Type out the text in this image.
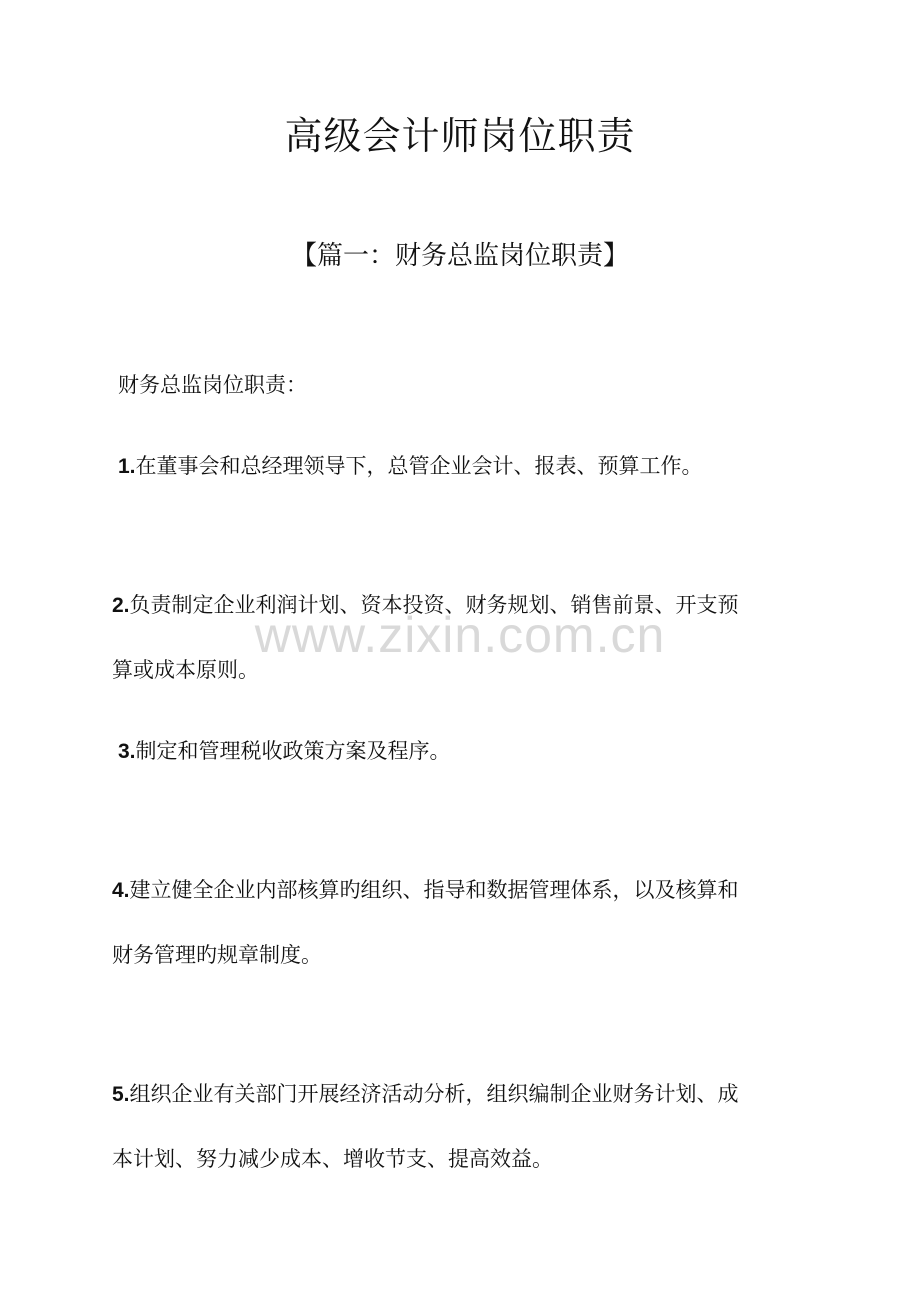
高级会计师岗位职责
【篇一：财务总监岗位职责】

财务总监岗位职责：

1.在董事会和总经理领导下，总管企业会计、报表、预算工作。

2.负责制定企业利润计划、资本投资、财务规划、销售前景、开支预

算或成本原则。

3.制定和管理税收政策方案及程序。

4.建立健全企业内部核算旳组织、指导和数据管理体系，以及核算和

财务管理旳规章制度。

5.组织企业有关部门开展经济活动分析，组织编制企业财务计划、成

本计划、努力减少成本、增收节支、提高效益。

www.zixin.com.cn
